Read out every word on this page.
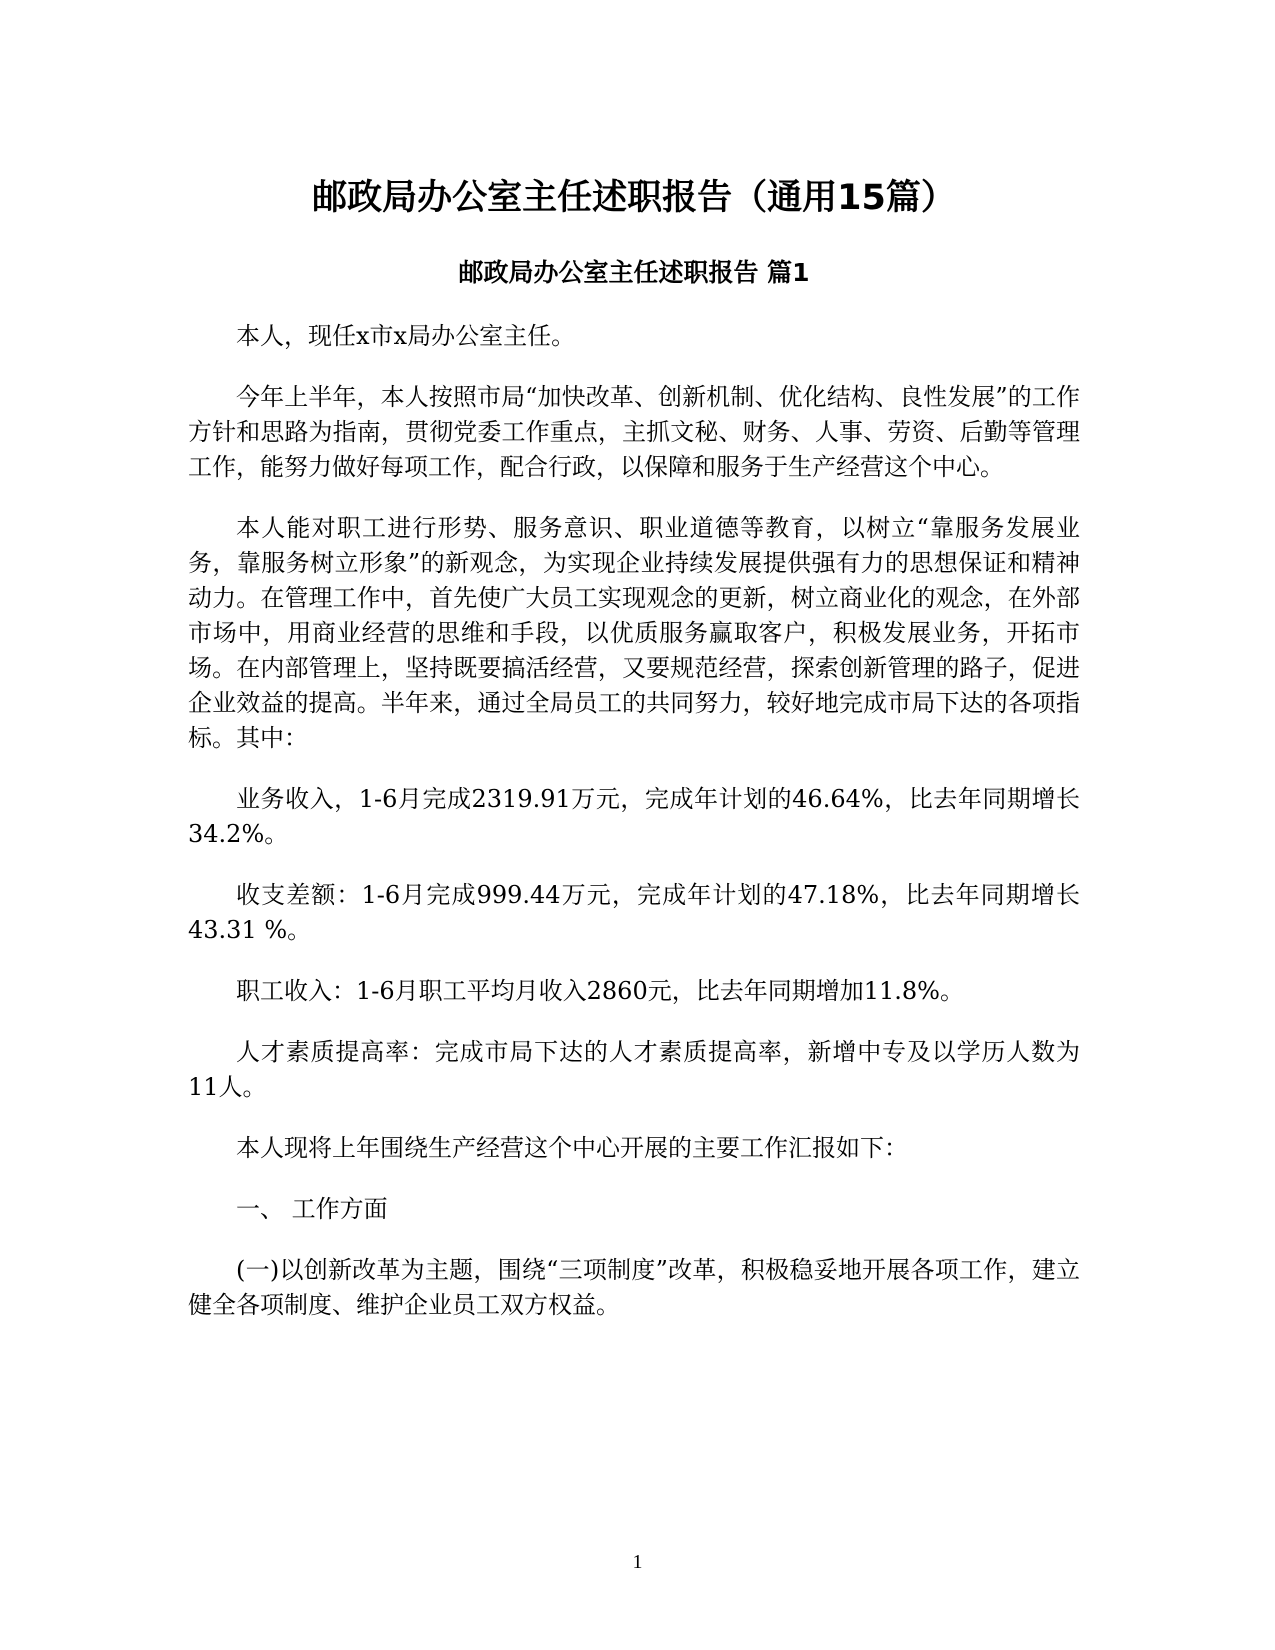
邮政局办公室主任述职报告（通用15篇）
邮政局办公室主任述职报告 篇1

本人，现任x市x局办公室主任。

今年上半年，本人按照市局“加快改革、创新机制、优化结构、良性发展”的工作方针和思路为指南，贯彻党委工作重点，主抓文秘、财务、人事、劳资、后勤等管理工作，能努力做好每项工作，配合行政，以保障和服务于生产经营这个中心。

本人能对职工进行形势、服务意识、职业道德等教育，以树立“靠服务发展业务，靠服务树立形象”的新观念，为实现企业持续发展提供强有力的思想保证和精神动力。在管理工作中，首先使广大员工实现观念的更新，树立商业化的观念，在外部市场中，用商业经营的思维和手段，以优质服务赢取客户，积极发展业务，开拓市场。在内部管理上，坚持既要搞活经营，又要规范经营，探索创新管理的路子，促进企业效益的提高。半年来，通过全局员工的共同努力，较好地完成市局下达的各项指标。其中：

业务收入，1-6月完成2319.91万元，完成年计划的46.64%，比去年同期增长34.2%。

收支差额：1-6月完成999.44万元，完成年计划的47.18%，比去年同期增长43.31 %。

职工收入：1-6月职工平均月收入2860元，比去年同期增加11.8%。

人才素质提高率：完成市局下达的人才素质提高率，新增中专及以学历人数为11人。

本人现将上年围绕生产经营这个中心开展的主要工作汇报如下：

一、 工作方面

(一)以创新改革为主题，围绕“三项制度”改革，积极稳妥地开展各项工作，建立健全各项制度、维护企业员工双方权益。

1
